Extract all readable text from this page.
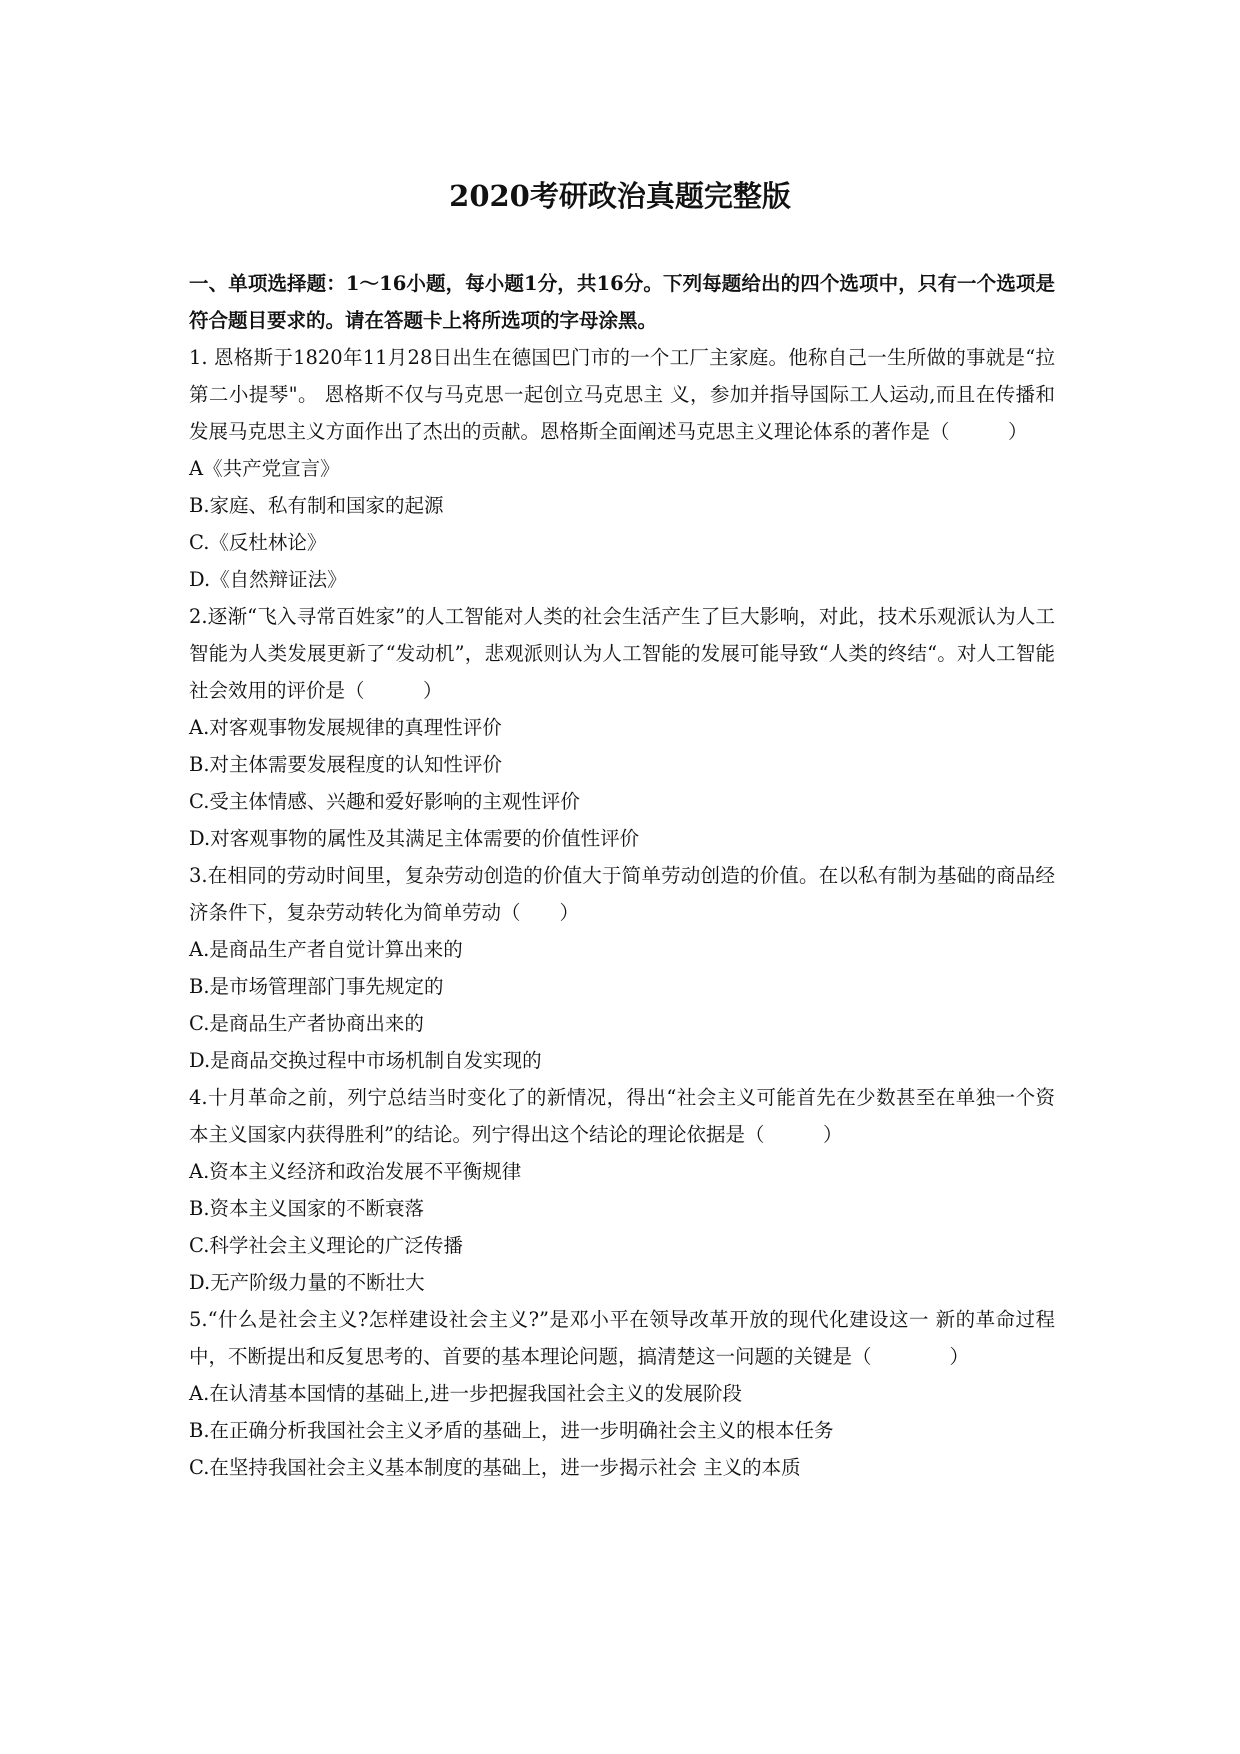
2020考研政治真题完整版

一、单项选择题：1～16小题，每小题1分，共16分。下列每题给出的四个选项中，只有一个选项是符合题目要求的。请在答题卡上将所选项的字母涂黑。

1. 恩格斯于1820年11月28日出生在德国巴门市的一个工厂主家庭。他称自己一生所做的事就是“拉第二小提琴"。 恩格斯不仅与马克思一起创立马克思主 义，参加并指导国际工人运动,而且在传播和发展马克思主义方面作出了杰出的贡献。恩格斯全面阐述马克思主义理论体系的著作是（　　　）

A《共产党宣言》

B.家庭、私有制和国家的起源

C.《反杜林论》

D.《自然辩证法》

2.逐渐“飞入寻常百姓家”的人工智能对人类的社会生活产生了巨大影响，对此，技术乐观派认为人工智能为人类发展更新了“发动机”，悲观派则认为人工智能的发展可能导致“人类的终结“。对人工智能社会效用的评价是（　　　）

A.对客观事物发展规律的真理性评价

B.对主体需要发展程度的认知性评价

C.受主体情感、兴趣和爱好影响的主观性评价

D.对客观事物的属性及其满足主体需要的价值性评价

3.在相同的劳动时间里，复杂劳动创造的价值大于简单劳动创造的价值。在以私有制为基础的商品经济条件下，复杂劳动转化为简单劳动（　　）

A.是商品生产者自觉计算出来的

B.是市场管理部门事先规定的

C.是商品生产者协商出来的

D.是商品交换过程中市场机制自发实现的

4.十月革命之前，列宁总结当时变化了的新情况，得出“社会主义可能首先在少数甚至在单独一个资本主义国家内获得胜利”的结论。列宁得出这个结论的理论依据是（　　　）

A.资本主义经济和政治发展不平衡规律

B.资本主义国家的不断衰落

C.科学社会主义理论的广泛传播

D.无产阶级力量的不断壮大

5.“什么是社会主义?怎样建设社会主义?”是邓小平在领导改革开放的现代化建设这一 新的革命过程中，不断提出和反复思考的、首要的基本理论问题，搞清楚这一问题的关键是（　　　　）

A.在认清基本国情的基础上,进一步把握我国社会主义的发展阶段

B.在正确分析我国社会主义矛盾的基础上，进一步明确社会主义的根本任务

C.在坚持我国社会主义基本制度的基础上，进一步揭示社会 主义的本质
